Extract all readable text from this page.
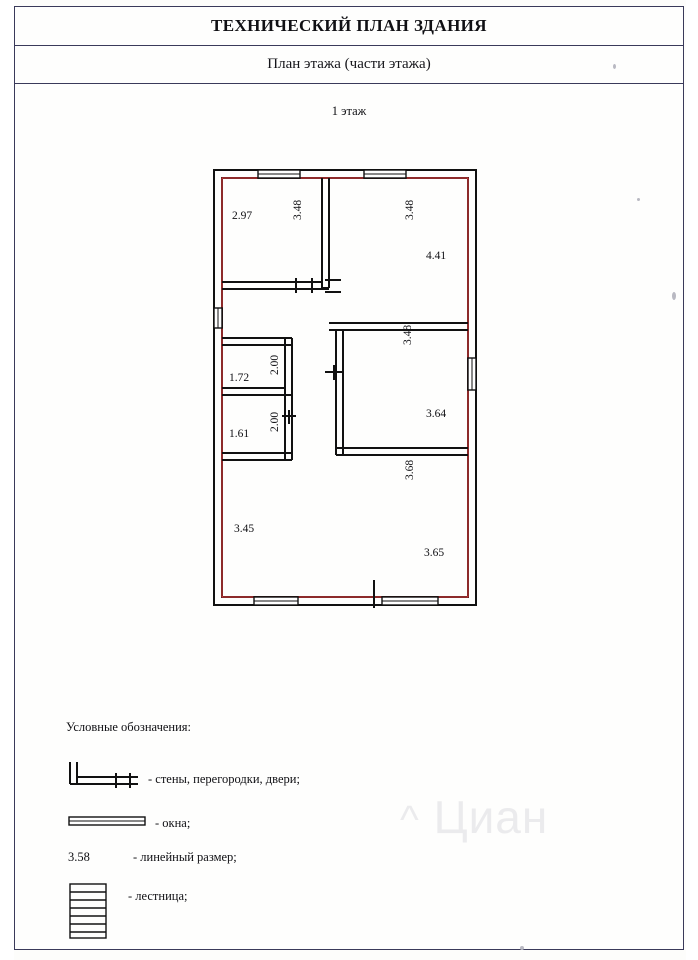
ТЕХНИЧЕСКИЙ ПЛАН ЗДАНИЯ
План этажа (части этажа)
1 этаж
2.97	3.48	3.48
4.41
3.48
3.64
1.72
2.00
1.61
2.00
3.68
3.45
3.65
Условные обозначения:
- стены, перегородки, двери;
- окна;
3.58	- линейный размер;
- лестница;
